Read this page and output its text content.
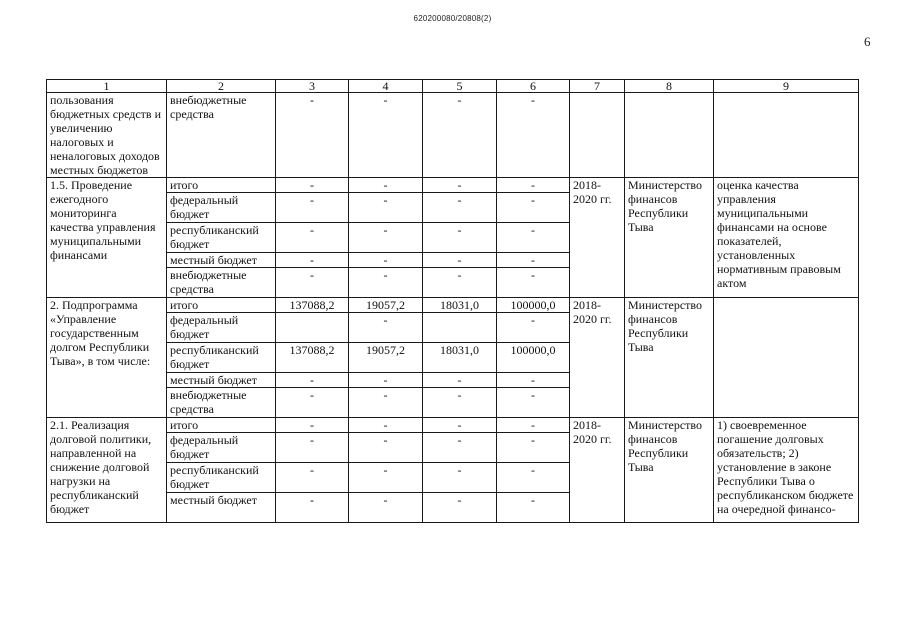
620200080/20808(2)
6
1	2	3	4	5	6	7	8	9
пользования бюджетных средств и увеличению налоговых и неналоговых доходов местных бюджетов	внебюджетные средства	-	-	-	-			
1.5. Проведение ежегодного мониторинга качества управления муниципальными финансами	итого	-	-	-	-	2018-2020 гг.	Министерство финансов Республики Тыва	оценка качества управления муниципальными финансами на основе показателей, установленных нормативным правовым актом
	федеральный бюджет	-	-	-	-			
	республиканский бюджет	-	-	-	-			
	местный бюджет	-	-	-	-			
	внебюджетные средства	-	-	-	-			
2. Подпрограмма «Управление государственным долгом Республики Тыва», в том числе:	итого	137088,2	19057,2	18031,0	100000,0	2018-2020 гг.	Министерство финансов Республики Тыва	
	федеральный бюджет		-		-			
	республиканский бюджет	137088,2	19057,2	18031,0	100000,0			
	местный бюджет	-	-	-	-			
	внебюджетные средства	-	-	-	-			
2.1. Реализация долговой политики, направленной на снижение долговой нагрузки на республиканский бюджет	итого	-	-	-	-	2018-2020 гг.	Министерство финансов Республики Тыва	1) своевременное погашение долговых обязательств; 2) установление в законе Республики Тыва о республиканском бюджете на очередной финансо-
	федеральный бюджет	-	-	-	-			
	республиканский бюджет	-	-	-	-			
	местный бюджет	-	-	-	-			
